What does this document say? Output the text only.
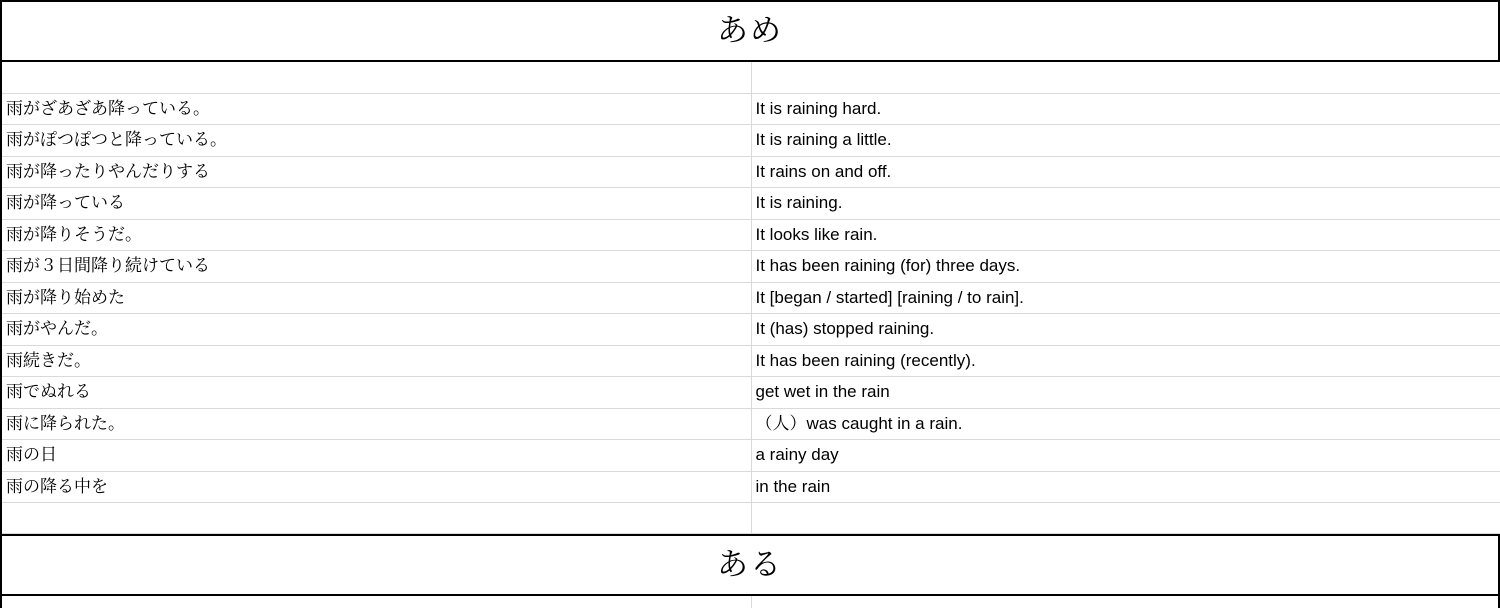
あめ

雨がざあざあ降っている。	It is raining hard.
雨がぽつぽつと降っている。	It is raining a little.
雨が降ったりやんだりする	It rains on and off.
雨が降っている	It is raining.
雨が降りそうだ。	It looks like rain.
雨が３日間降り続けている	It has been raining (for) three days.
雨が降り始めた	It [began / started] [raining / to rain].
雨がやんだ。	It (has) stopped raining.
雨続きだ。	It has been raining (recently).
雨でぬれる	get wet in the rain
雨に降られた。	（人）was caught in a rain.
雨の日	a rainy day
雨の降る中を	in the rain

ある
